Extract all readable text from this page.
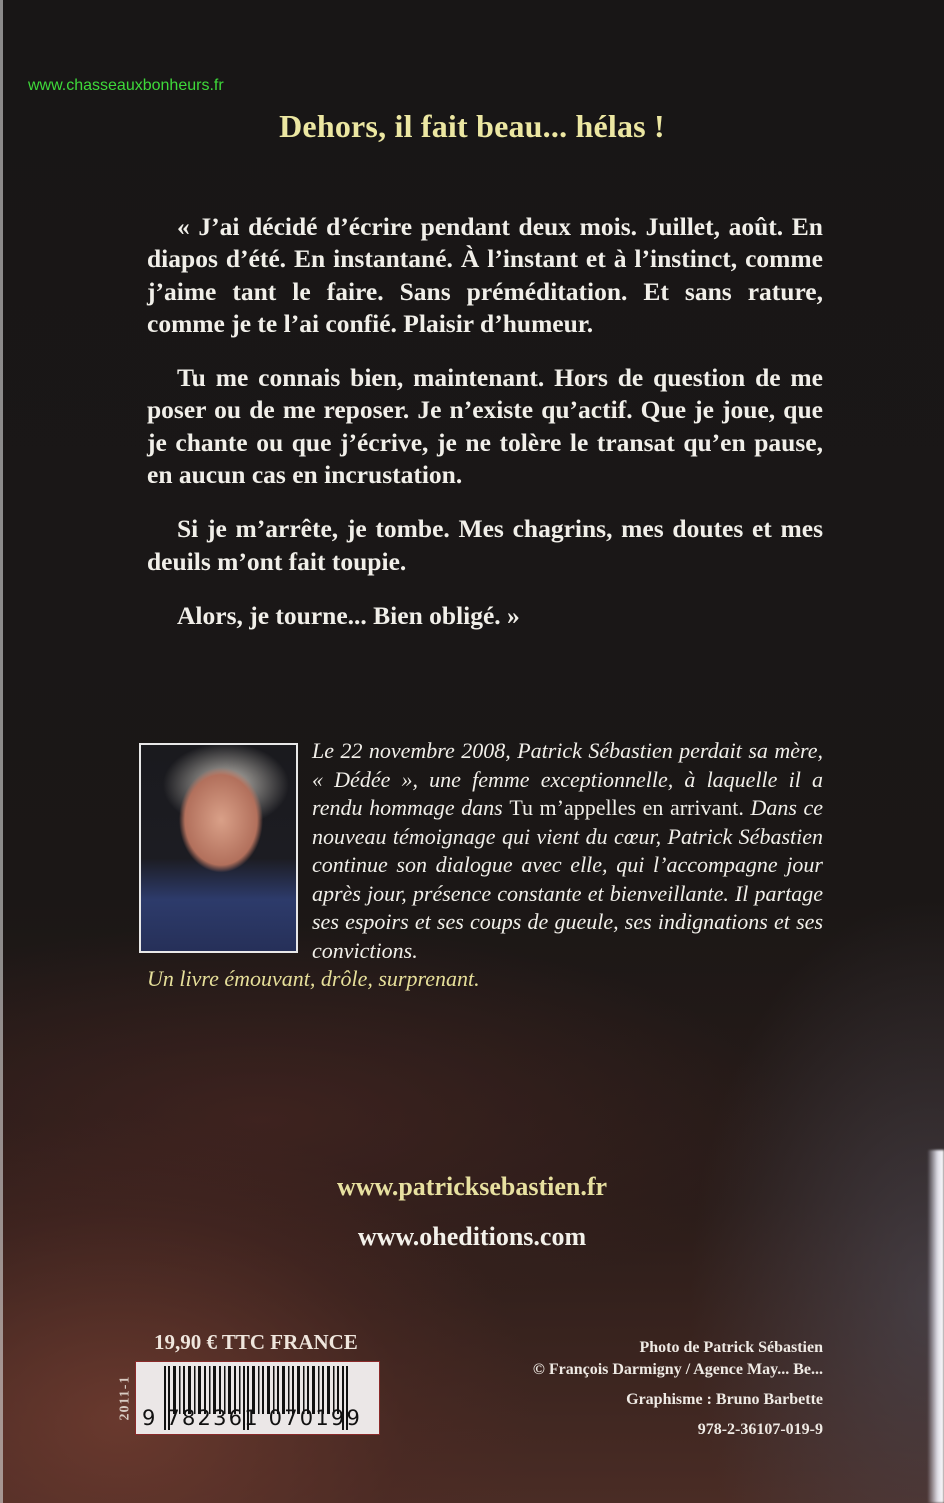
www.chasseauxbonheurs.fr
Dehors, il fait beau... hélas !

« J’ai décidé d’écrire pendant deux mois. Juillet, août. En diapos d’été. En instantané. À l’instant et à l’instinct, comme j’aime tant le faire. Sans préméditation. Et sans rature, comme je te l’ai confié. Plaisir d’humeur.

Tu me connais bien, maintenant. Hors de question de me poser ou de me reposer. Je n’existe qu’actif. Que je joue, que je chante ou que j’écrive, je ne tolère le transat qu’en pause, en aucun cas en incrustation.

Si je m’arrête, je tombe. Mes chagrins, mes doutes et mes deuils m’ont fait toupie.

Alors, je tourne... Bien obligé. »

Le 22 novembre 2008, Patrick Sébastien perdait sa mère, « Dédée », une femme exceptionnelle, à laquelle il a rendu hommage dans Tu m’appelles en arrivant. Dans ce nouveau témoignage qui vient du cœur, Patrick Sébastien continue son dialogue avec elle, qui l’accompagne jour après jour, présence constante et bienveillante. Il partage ses espoirs et ses coups de gueule, ses indignations et ses convictions.
Un livre émouvant, drôle, surprenant.
www.patricksebastien.fr
www.oheditions.com
19,90 € TTC FRANCE
2011-1 9 782361 070199
Photo de Patrick Sébastien
© François Darmigny / Agence May... Be...
Graphisme : Bruno Barbette
978-2-36107-019-9
